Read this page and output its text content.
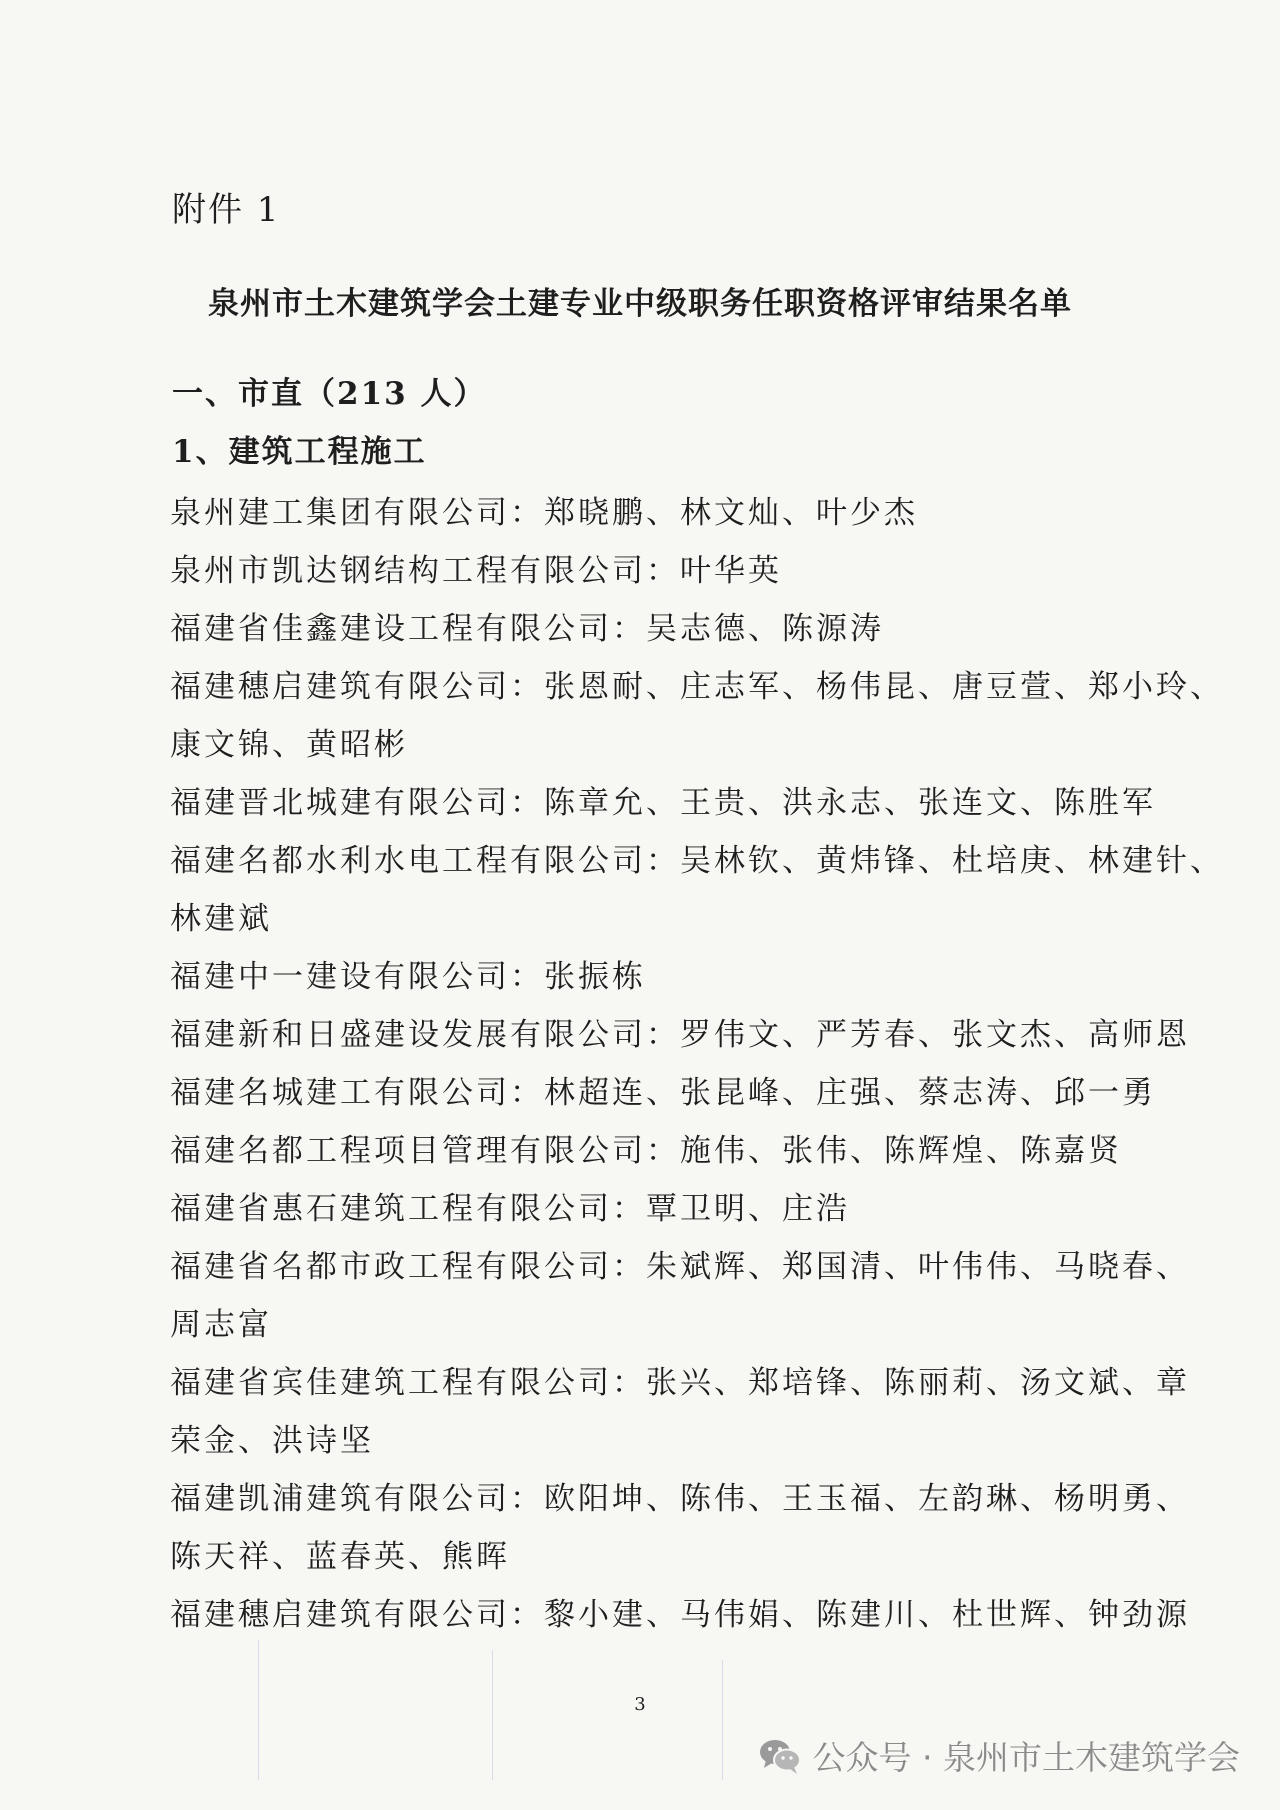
附件 1
泉州市土木建筑学会土建专业中级职务任职资格评审结果名单
一、市直（213 人）
1、建筑工程施工
泉州建工集团有限公司：郑晓鹏、林文灿、叶少杰
泉州市凯达钢结构工程有限公司：叶华英
福建省佳鑫建设工程有限公司：吴志德、陈源涛
福建穗启建筑有限公司：张恩耐、庄志军、杨伟昆、唐豆萱、郑小玲、
康文锦、黄昭彬
福建晋北城建有限公司：陈章允、王贵、洪永志、张连文、陈胜军
福建名都水利水电工程有限公司：吴林钦、黄炜锋、杜培庚、林建针、
林建斌
福建中一建设有限公司：张振栋
福建新和日盛建设发展有限公司：罗伟文、严芳春、张文杰、高师恩
福建名城建工有限公司：林超连、张昆峰、庄强、蔡志涛、邱一勇
福建名都工程项目管理有限公司：施伟、张伟、陈辉煌、陈嘉贤
福建省惠石建筑工程有限公司：覃卫明、庄浩
福建省名都市政工程有限公司：朱斌辉、郑国清、叶伟伟、马晓春、
周志富
福建省宾佳建筑工程有限公司：张兴、郑培锋、陈丽莉、汤文斌、章
荣金、洪诗坚
福建凯浦建筑有限公司：欧阳坤、陈伟、王玉福、左韵琳、杨明勇、
陈天祥、蓝春英、熊晖
福建穗启建筑有限公司：黎小建、马伟娟、陈建川、杜世辉、钟劲源
3
公众号 · 泉州市土木建筑学会
